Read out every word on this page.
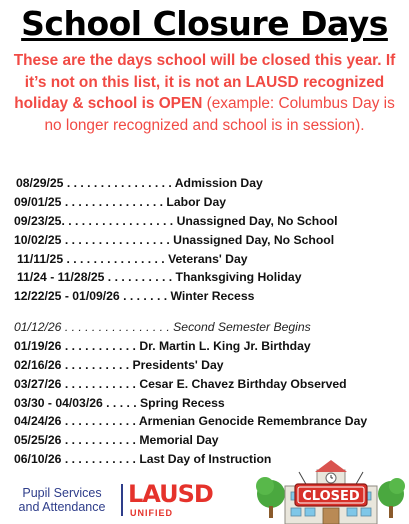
School Closure Days
These are the days school will be closed this year. If it’s not on this list, it is not an LAUSD recognized holiday & school is OPEN (example: Columbus Day is no longer recognized and school is in session).
08/29/25 . . . . . . . . . . . . . . . . Admission Day
09/01/25 . . . . . . . . . . . . . . . Labor Day
09/23/25. . . . . . . . . . . . . . . . . Unassigned Day, No School
10/02/25 . . . . . . . . . . . . . . . . Unassigned Day, No School
11/11/25 . . . . . . . . . . . . . . . Veterans' Day
11/24 - 11/28/25 . . . . . . . . . . Thanksgiving Holiday
12/22/25 - 01/09/26 . . . . . . . Winter Recess
01/12/26 . . . . . . . . . . . . . . . . Second Semester Begins
01/19/26 . . . . . . . . . . . Dr. Martin L. King Jr. Birthday
02/16/26 . . . . . . . . . . Presidents' Day
03/27/26 . . . . . . . . . . . Cesar E. Chavez Birthday Observed
03/30 - 04/03/26 . . . . . Spring Recess
04/24/26 . . . . . . . . . . . Armenian Genocide Remembrance Day
05/25/26 . . . . . . . . . . . Memorial Day
06/10/26 . . . . . . . . . . . Last Day of Instruction
Pupil Services
and Attendance LAUSD
UNIFIED
CLOSED
